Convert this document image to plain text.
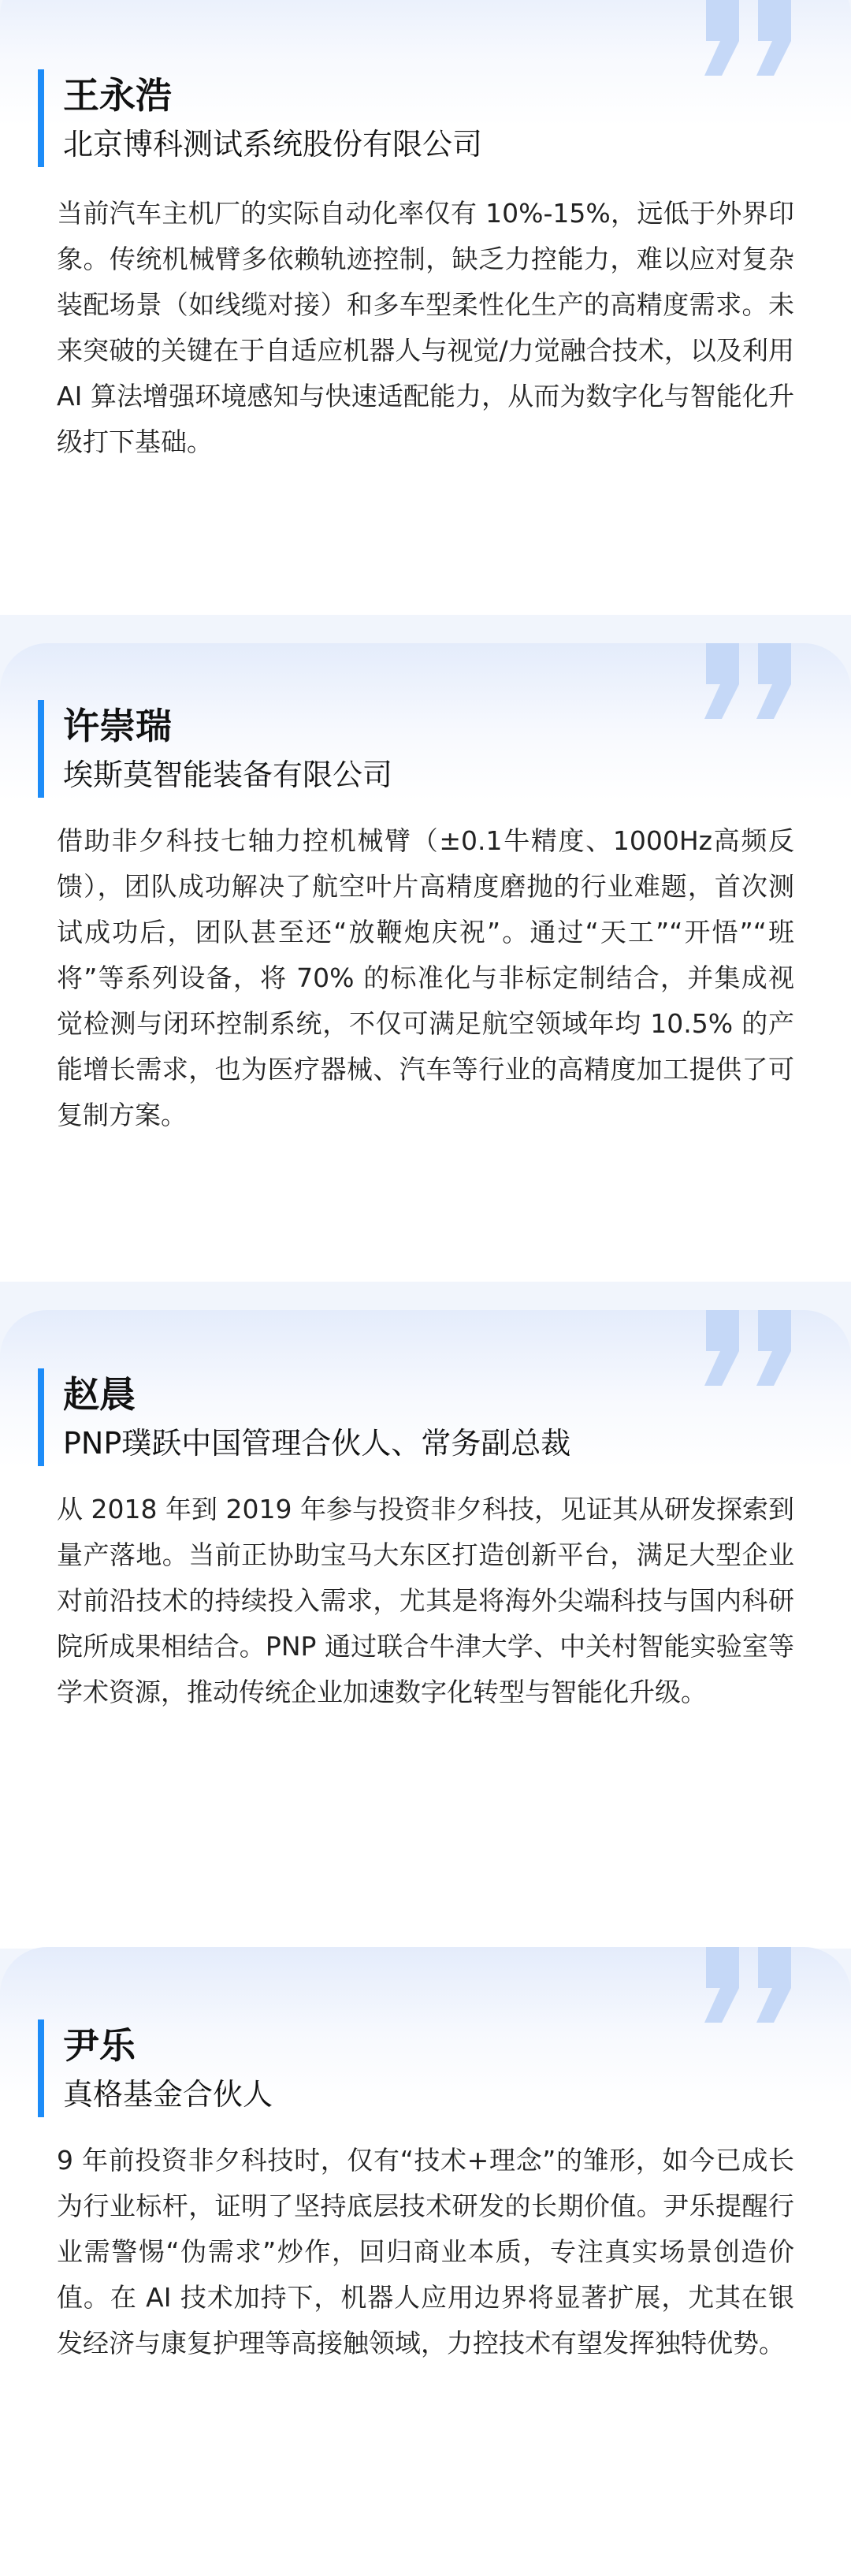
王永浩
北京博科测试系统股份有限公司

当前汽车主机厂的实际自动化率仅有 10%-15%，远低于外界印象。传统机械臂多依赖轨迹控制，缺乏力控能力，难以应对复杂装配场景（如线缆对接）和多车型柔性化生产的高精度需求。未来突破的关键在于自适应机器人与视觉/力觉融合技术，以及利用 AI 算法增强环境感知与快速适配能力，从而为数字化与智能化升级打下基础。

许崇瑞
埃斯莫智能装备有限公司

借助非夕科技七轴力控机械臂（±0.1牛精度、1000Hz高频反馈），团队成功解决了航空叶片高精度磨抛的行业难题，首次测试成功后，团队甚至还“放鞭炮庆祝”。通过“天工”“开悟”“班将”等系列设备，将 70% 的标准化与非标定制结合，并集成视觉检测与闭环控制系统，不仅可满足航空领域年均 10.5% 的产能增长需求，也为医疗器械、汽车等行业的高精度加工提供了可复制方案。

赵晨
PNP璞跃中国管理合伙人、常务副总裁

从 2018 年到 2019 年参与投资非夕科技，见证其从研发探索到量产落地。当前正协助宝马大东区打造创新平台，满足大型企业对前沿技术的持续投入需求，尤其是将海外尖端科技与国内科研院所成果相结合。PNP 通过联合牛津大学、中关村智能实验室等学术资源，推动传统企业加速数字化转型与智能化升级。

尹乐
真格基金合伙人

9 年前投资非夕科技时，仅有“技术+理念”的雏形，如今已成长为行业标杆，证明了坚持底层技术研发的长期价值。尹乐提醒行业需警惕“伪需求”炒作，回归商业本质，专注真实场景创造价值。在 AI 技术加持下，机器人应用边界将显著扩展，尤其在银发经济与康复护理等高接触领域，力控技术有望发挥独特优势。
